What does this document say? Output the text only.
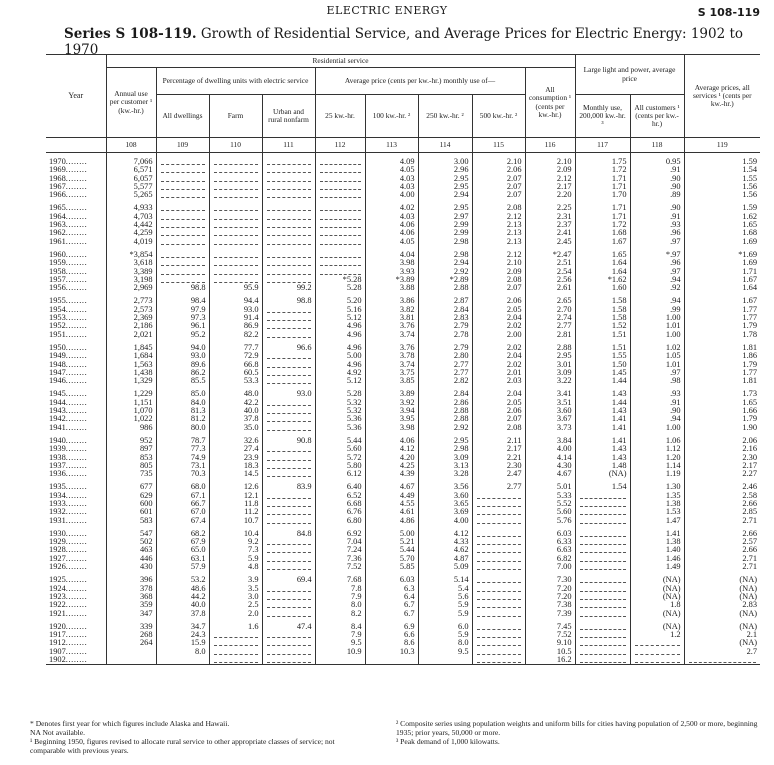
ELECTRIC ENERGY	S 108-119
Series S 108-119. Growth of Residential Service, and Average Prices for Electric Energy: 1902 to 1970
Year	Residential service									Large light and power, average price		Average prices, all services ¹ (cents per kw.-hr.)
	Annual use per customer ¹ (kw.-hr.)	Percentage of dwelling units with electric service			Average price (cents per kw.-hr.) monthly use of—				All consumption ¹ (cents per kw.-hr.)			
		All dwellings	Farm	Urban and rural nonfarm	25 kw.-hr.	100 kw.-hr. ²	250 kw.-hr. ²	500 kw.-hr. ²		Monthly use, 200,000 kw.-hr. ³	All customers ¹ (cents per kw.-hr.)	
	108	109	110	111	112	113	114	115	116	117	118	119

1970........	7,066					4.09	3.00	2.10	2.10	1.75	0.95	1.59
1969........	6,571					4.05	2.96	2.06	2.09	1.72	.91	1.54
1968........	6,057					4.03	2.95	2.07	2.12	1.71	.90	1.55
1967........	5,577					4.03	2.95	2.07	2.17	1.71	.90	1.56
1966........	5,265					4.00	2.94	2.07	2.20	1.70	.89	1.56

1965........	4,933					4.02	2.95	2.08	2.25	1.71	.90	1.59
1964........	4,703					4.03	2.97	2.12	2.31	1.71	.91	1.62
1963........	4,442					4.06	2.99	2.13	2.37	1.72	.93	1.65
1962........	4,259					4.06	2.99	2.13	2.41	1.68	.96	1.68
1961........	4,019					4.05	2.98	2.13	2.45	1.67	.97	1.69

1960........	*3,854					4.04	2.98	2.12	*2.47	1.65	*.97	*1.69
1959........	3,618					3.98	2.94	2.10	2.51	1.64	.96	1.69
1958........	3,389					3.93	2.92	2.09	2.54	1.64	.97	1.71
1957........	3,198				*5.28	*3.89	*2.89	2.08	2.56	*1.62	.94	1.67
1956........	2,969	98.8	95.9	99.2	5.28	3.88	2.88	2.07	2.61	1.60	.92	1.64

1955........	2,773	98.4	94.4	98.8	5.20	3.86	2.87	2.06	2.65	1.58	.94	1.67
1954........	2,573	97.9	93.0		5.16	3.82	2.84	2.05	2.70	1.58	.99	1.77
1953........	2,369	97.3	91.4		5.12	3.81	2.83	2.04	2.74	1.58	1.00	1.77
1952........	2,186	96.1	86.9		4.96	3.76	2.79	2.02	2.77	1.52	1.01	1.79
1951........	2,021	95.2	82.2		4.96	3.74	2.78	2.00	2.81	1.51	1.00	1.78

1950........	1,845	94.0	77.7	96.6	4.96	3.76	2.79	2.02	2.88	1.51	1.02	1.81
1949........	1,684	93.0	72.9		5.00	3.78	2.80	2.04	2.95	1.55	1.05	1.86
1948........	1,563	89.6	66.8		4.96	3.74	2.77	2.02	3.01	1.50	1.01	1.79
1947........	1,438	86.2	60.5		4.92	3.75	2.77	2.01	3.09	1.45	.97	1.77
1946........	1,329	85.5	53.3		5.12	3.85	2.82	2.03	3.22	1.44	.98	1.81

1945........	1,229	85.0	48.0	93.0	5.28	3.89	2.84	2.04	3.41	1.43	.93	1.73
1944........	1,151	84.0	42.2		5.32	3.92	2.86	2.05	3.51	1.44	.91	1.65
1943........	1,070	81.3	40.0		5.32	3.94	2.88	2.06	3.60	1.43	.90	1.66
1942........	1,022	81.2	37.8		5.36	3.95	2.88	2.07	3.67	1.41	.94	1.79
1941........	986	80.0	35.0		5.36	3.98	2.92	2.08	3.73	1.41	1.00	1.90

1940........	952	78.7	32.6	90.8	5.44	4.06	2.95	2.11	3.84	1.41	1.06	2.06
1939........	897	77.3	27.4		5.60	4.12	2.98	2.17	4.00	1.43	1.12	2.16
1938........	853	74.9	23.9		5.72	4.20	3.09	2.21	4.14	1.43	1.20	2.30
1937........	805	73.1	18.3		5.80	4.25	3.13	2.30	4.30	1.48	1.14	2.17
1936........	735	70.3	14.5		6.12	4.39	3.28	2.47	4.67	(NA)	1.19	2.27

1935........	677	68.0	12.6	83.9	6.40	4.67	3.56	2.77	5.01	1.54	1.30	2.46
1934........	629	67.1	12.1		6.52	4.49	3.60		5.33		1.35	2.58
1933........	600	66.7	11.8		6.68	4.55	3.65		5.52		1.38	2.66
1932........	601	67.0	11.2		6.76	4.61	3.69		5.60		1.53	2.85
1931........	583	67.4	10.7		6.80	4.86	4.00		5.76		1.47	2.71

1930........	547	68.2	10.4	84.8	6.92	5.00	4.12		6.03		1.41	2.66
1929........	502	67.9	9.2		7.04	5.21	4.33		6.33		1.38	2.57
1928........	463	65.0	7.3		7.24	5.44	4.62		6.63		1.40	2.66
1927........	446	63.1	5.9		7.36	5.70	4.87		6.82		1.46	2.71
1926........	430	57.9	4.8		7.52	5.85	5.09		7.00		1.49	2.71

1925........	396	53.2	3.9	69.4	7.68	6.03	5.14		7.30		(NA)	(NA)
1924........	378	48.6	3.5		7.8	6.3	5.4		7.20		(NA)	(NA)
1923........	368	44.2	3.0		7.9	6.4	5.6		7.20		(NA)	(NA)
1922........	359	40.0	2.5		8.0	6.7	5.9		7.38		1.8	2.83
1921........	347	37.8	2.0		8.2	6.7	5.9		7.39		(NA)	(NA)

1920........	339	34.7	1.6	47.4	8.4	6.9	6.0		7.45		(NA)	(NA)
1917........	268	24.3			7.9	6.6	5.9		7.52		1.2	2.1
1912........	264	15.9			9.5	8.6	8.0		9.10			(NA)
1907........		8.0			10.9	10.3	9.5		10.5			2.7
1902........									16.2	

* Denotes first year for which figures include Alaska and Hawaii.
NA Not available.
¹ Beginning 1950, figures revised to allocate rural service to other appropriate classes of service; not comparable with previous years.
² Composite series using population weights and uniform bills for cities having population of 2,500 or more, beginning 1935; prior years, 50,000 or more.
³ Peak demand of 1,000 kilowatts.
